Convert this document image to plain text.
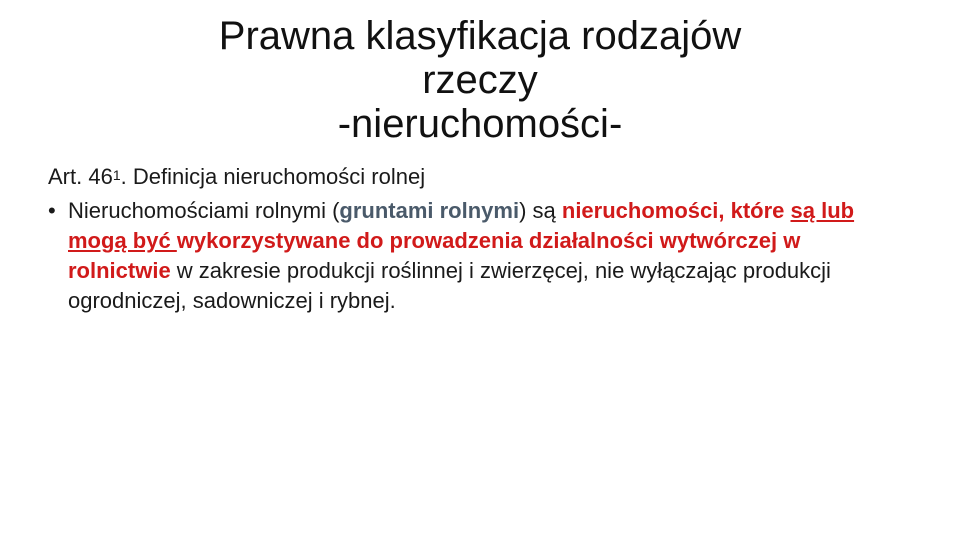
Prawna klasyfikacja rodzajów
rzeczy
-nieruchomości-

Art. $46^1$. Definicja nieruchomości rolnej

• Nieruchomościami rolnymi (gruntami rolnymi) są nieruchomości, które są lub mogą być wykorzystywane do prowadzenia działalności wytwórczej w rolnictwie w zakresie produkcji roślinnej i zwierzęcej, nie wyłączając produkcji ogrodniczej, sadowniczej i rybnej.
